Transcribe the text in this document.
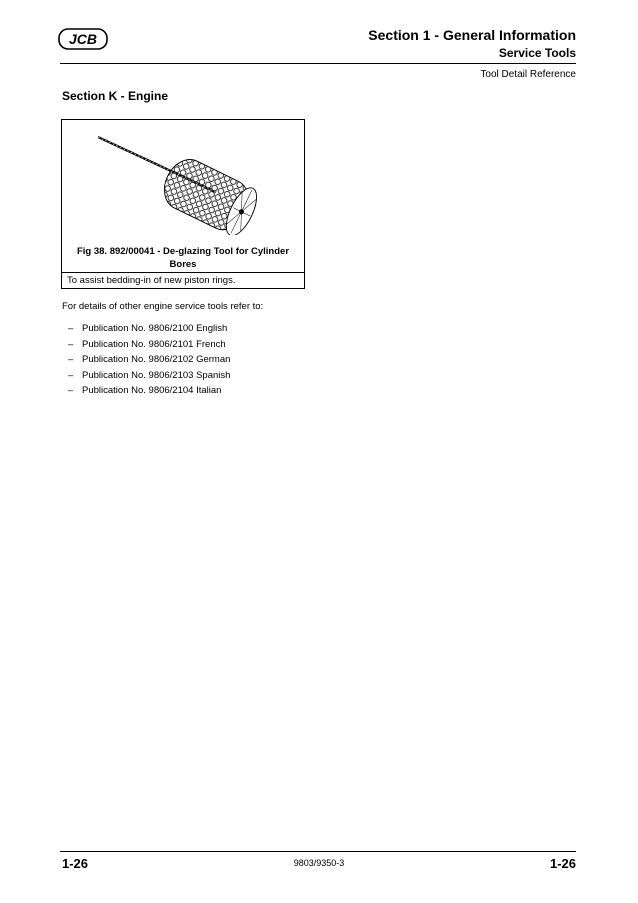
JCB	Section 1 - General Information
Service Tools
Tool Detail Reference
Section K - Engine
Fig 38. 892/00041 - De-glazing Tool for Cylinder Bores
To assist bedding-in of new piston rings.
For details of other engine service tools refer to:
– Publication No. 9806/2100 English
– Publication No. 9806/2101 French
– Publication No. 9806/2102 German
– Publication No. 9806/2103 Spanish
– Publication No. 9806/2104 Italian
1-26	9803/9350-3	1-26
